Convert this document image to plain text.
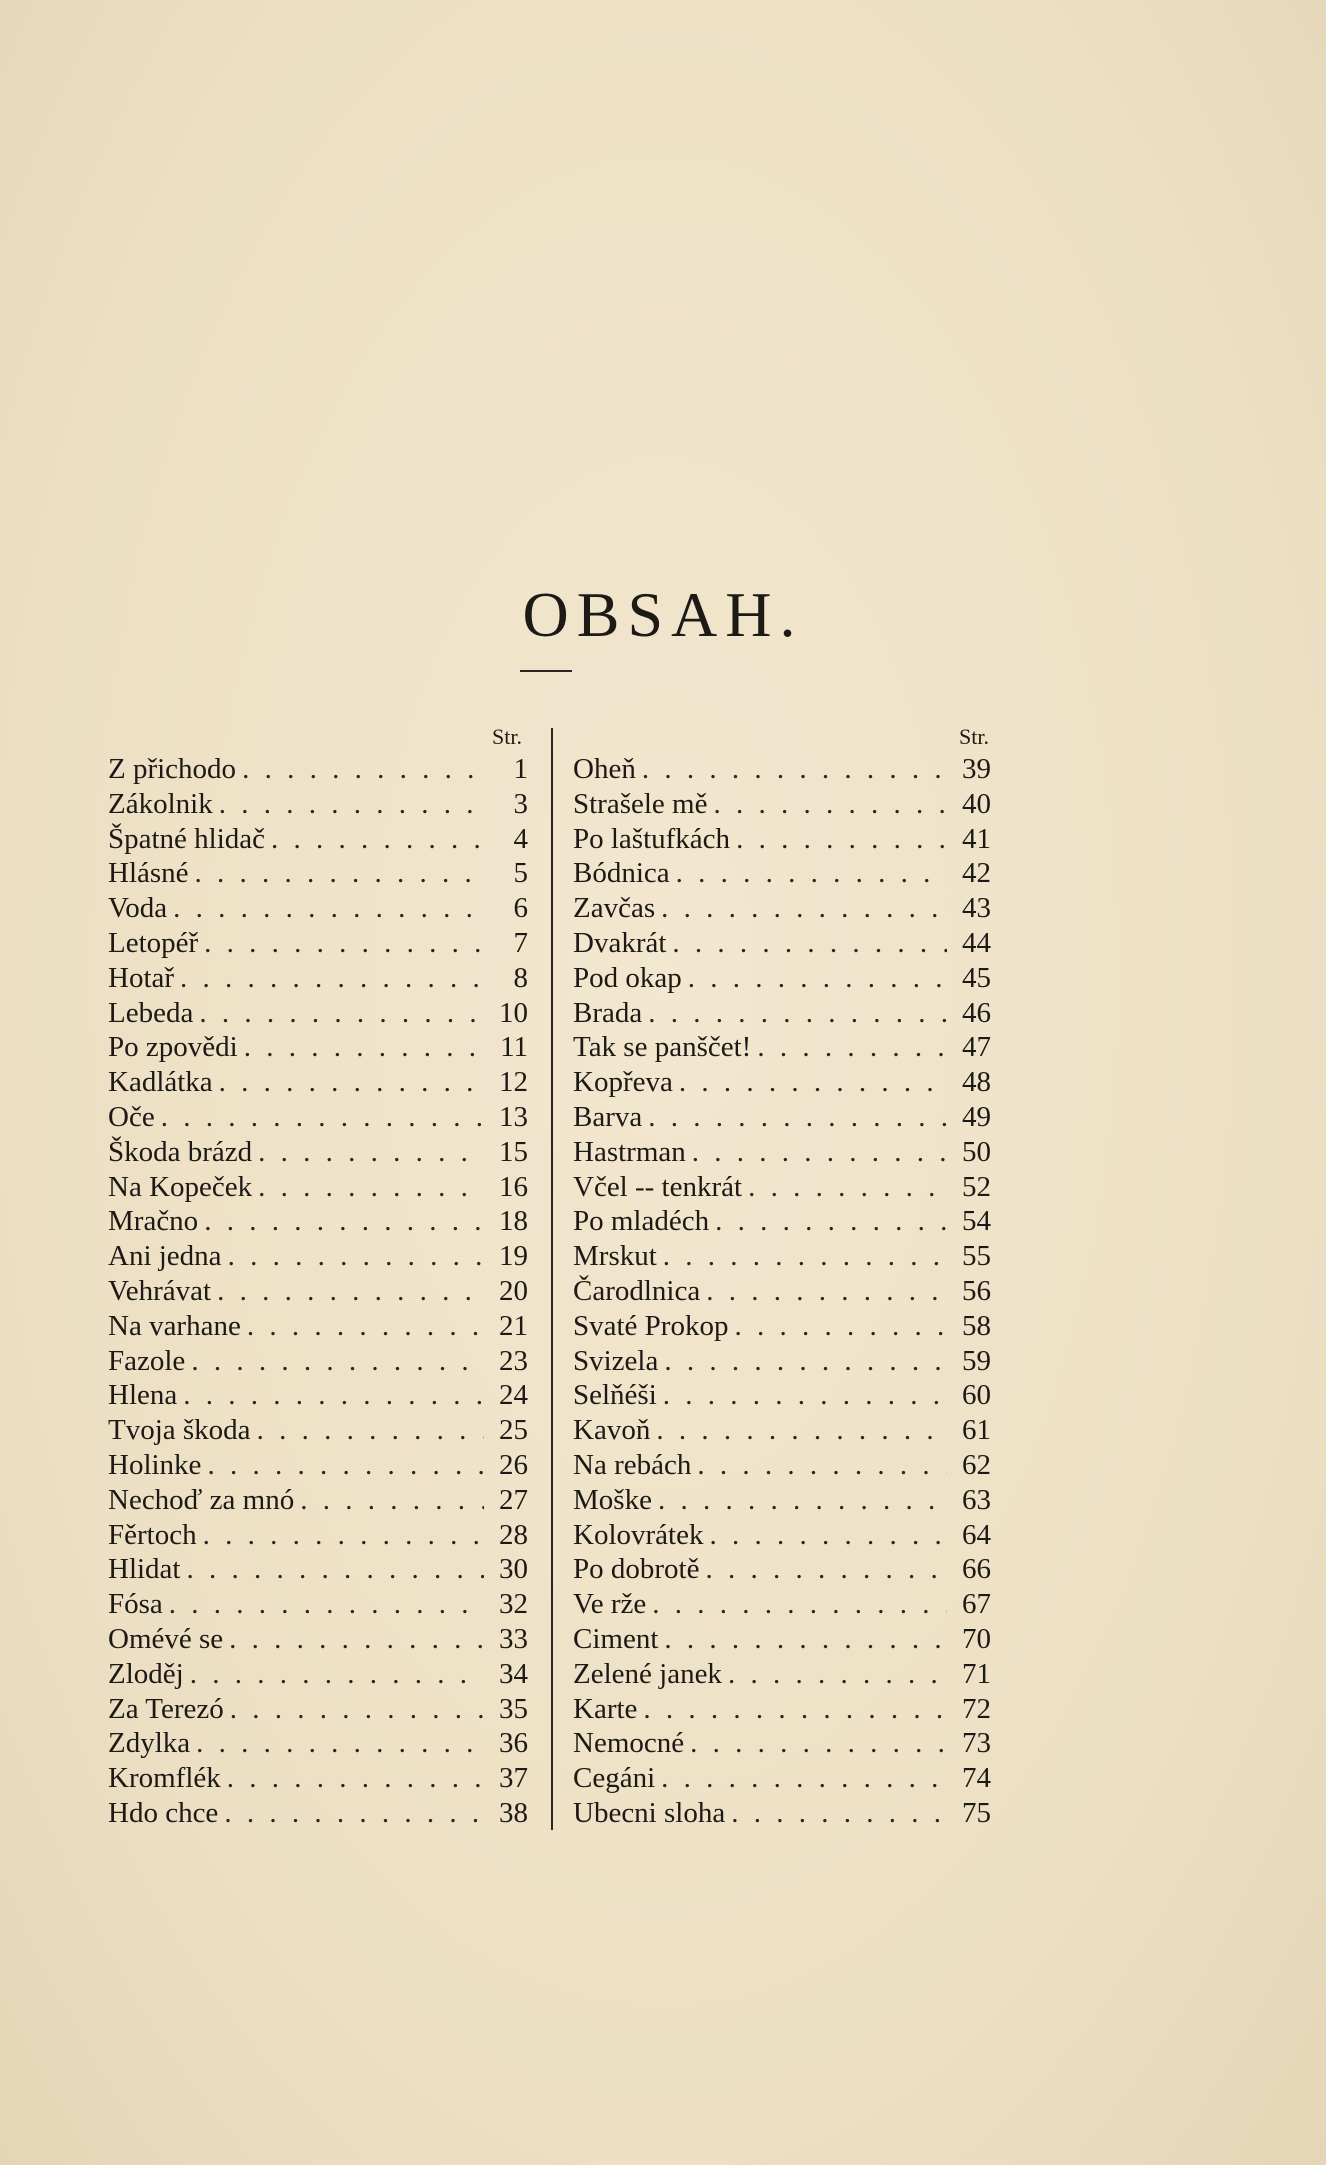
OBSAH.
Str.
Z přichodo . . .	1
Zákolnik . . .	3
Špatné hlidač . . .	4
Hlásné . . .	5
Voda . . .	6
Letopéř . . .	7
Hotař . . .	8
Lebeda . . .	10
Po zpovědi . . .	11
Kadlátka . . .	12
Oče . . .	13
Škoda brázd . . .	15
Na Kopeček . . .	16
Mračno . . .	18
Ani jedna . . .	19
Vehrávat . . .	20
Na varhane . . .	21
Fazole . . .	23
Hlena . . .	24
Tvoja škoda . . .	25
Holinke . . .	26
Nechoď za mnó . . .	27
Fěrtoch . . .	28
Hlidat . . .	30
Fósa . . .	32
Omévé se . . .	33
Zloděj . . .	34
Za Terezó . . .	35
Zdylka . . .	36
Kromflék . . .	37
Hdo chce . . .	38
Str.
Oheň . . .	39
Strašele mě . . .	40
Po laštufkách . . .	41
Bódnica . . .	42
Zavčas . . .	43
Dvakrát . . .	44
Pod okap . . .	45
Brada . . .	46
Tak se panščet! . . .	47
Kopřeva . . .	48
Barva . . .	49
Hastrman . . .	50
Včel -- tenkrát . . .	52
Po mladéch . . .	54
Mrskut . . .	55
Čarodlnica . . .	56
Svaté Prokop . . .	58
Svizela . . .	59
Selňéši . . .	60
Kavoň . . .	61
Na rebách . . .	62
Moške . . .	63
Kolovrátek . . .	64
Po dobrotě . . .	66
Ve rže . . .	67
Ciment . . .	70
Zelené janek . . .	71
Karte . . .	72
Nemocné . . .	73
Cegáni . . .	74
Ubecni sloha . . .	75
